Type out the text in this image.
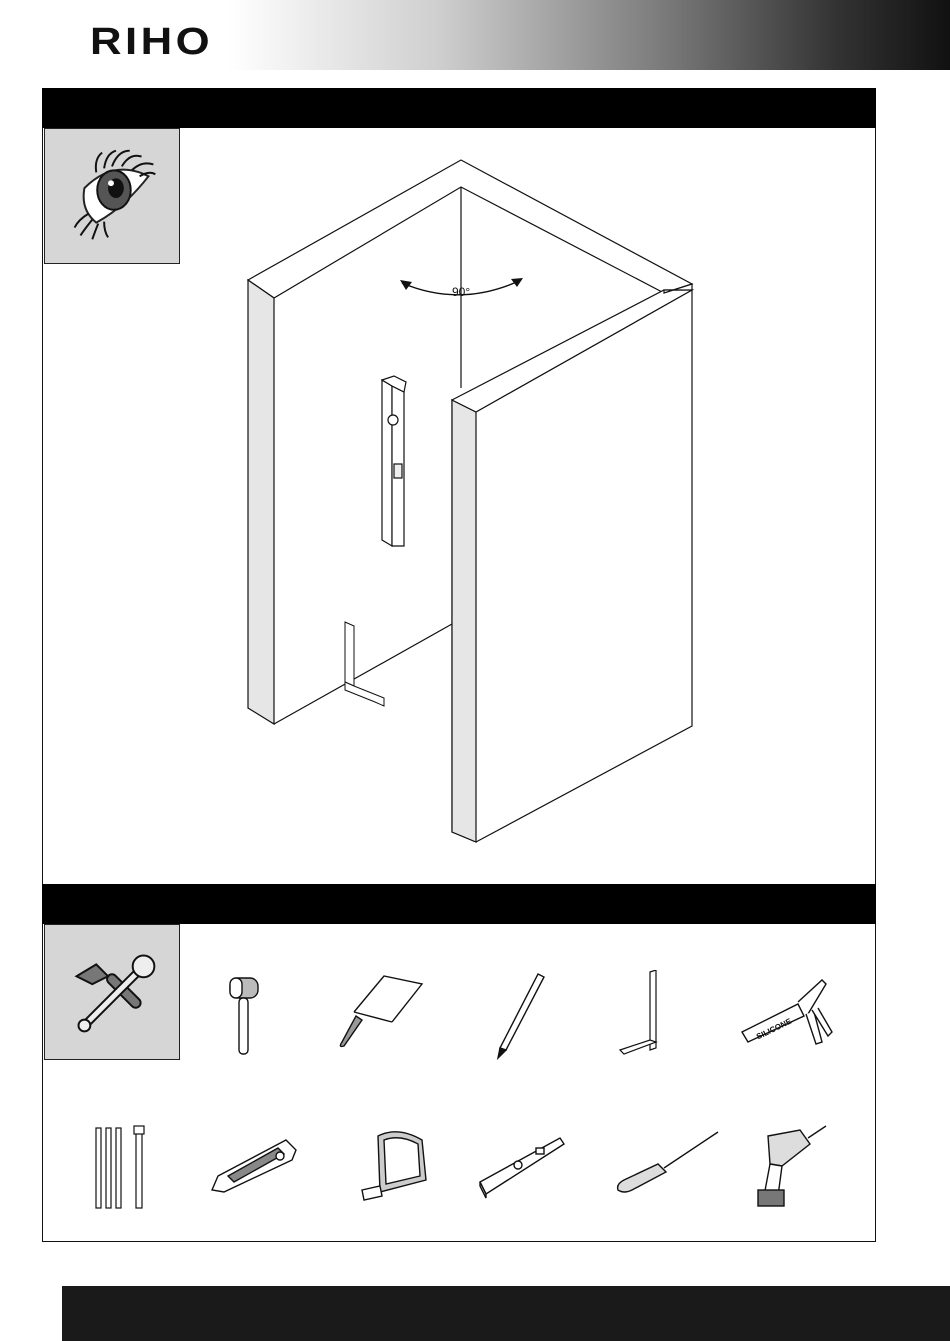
RIHO
90°
SILICONE
